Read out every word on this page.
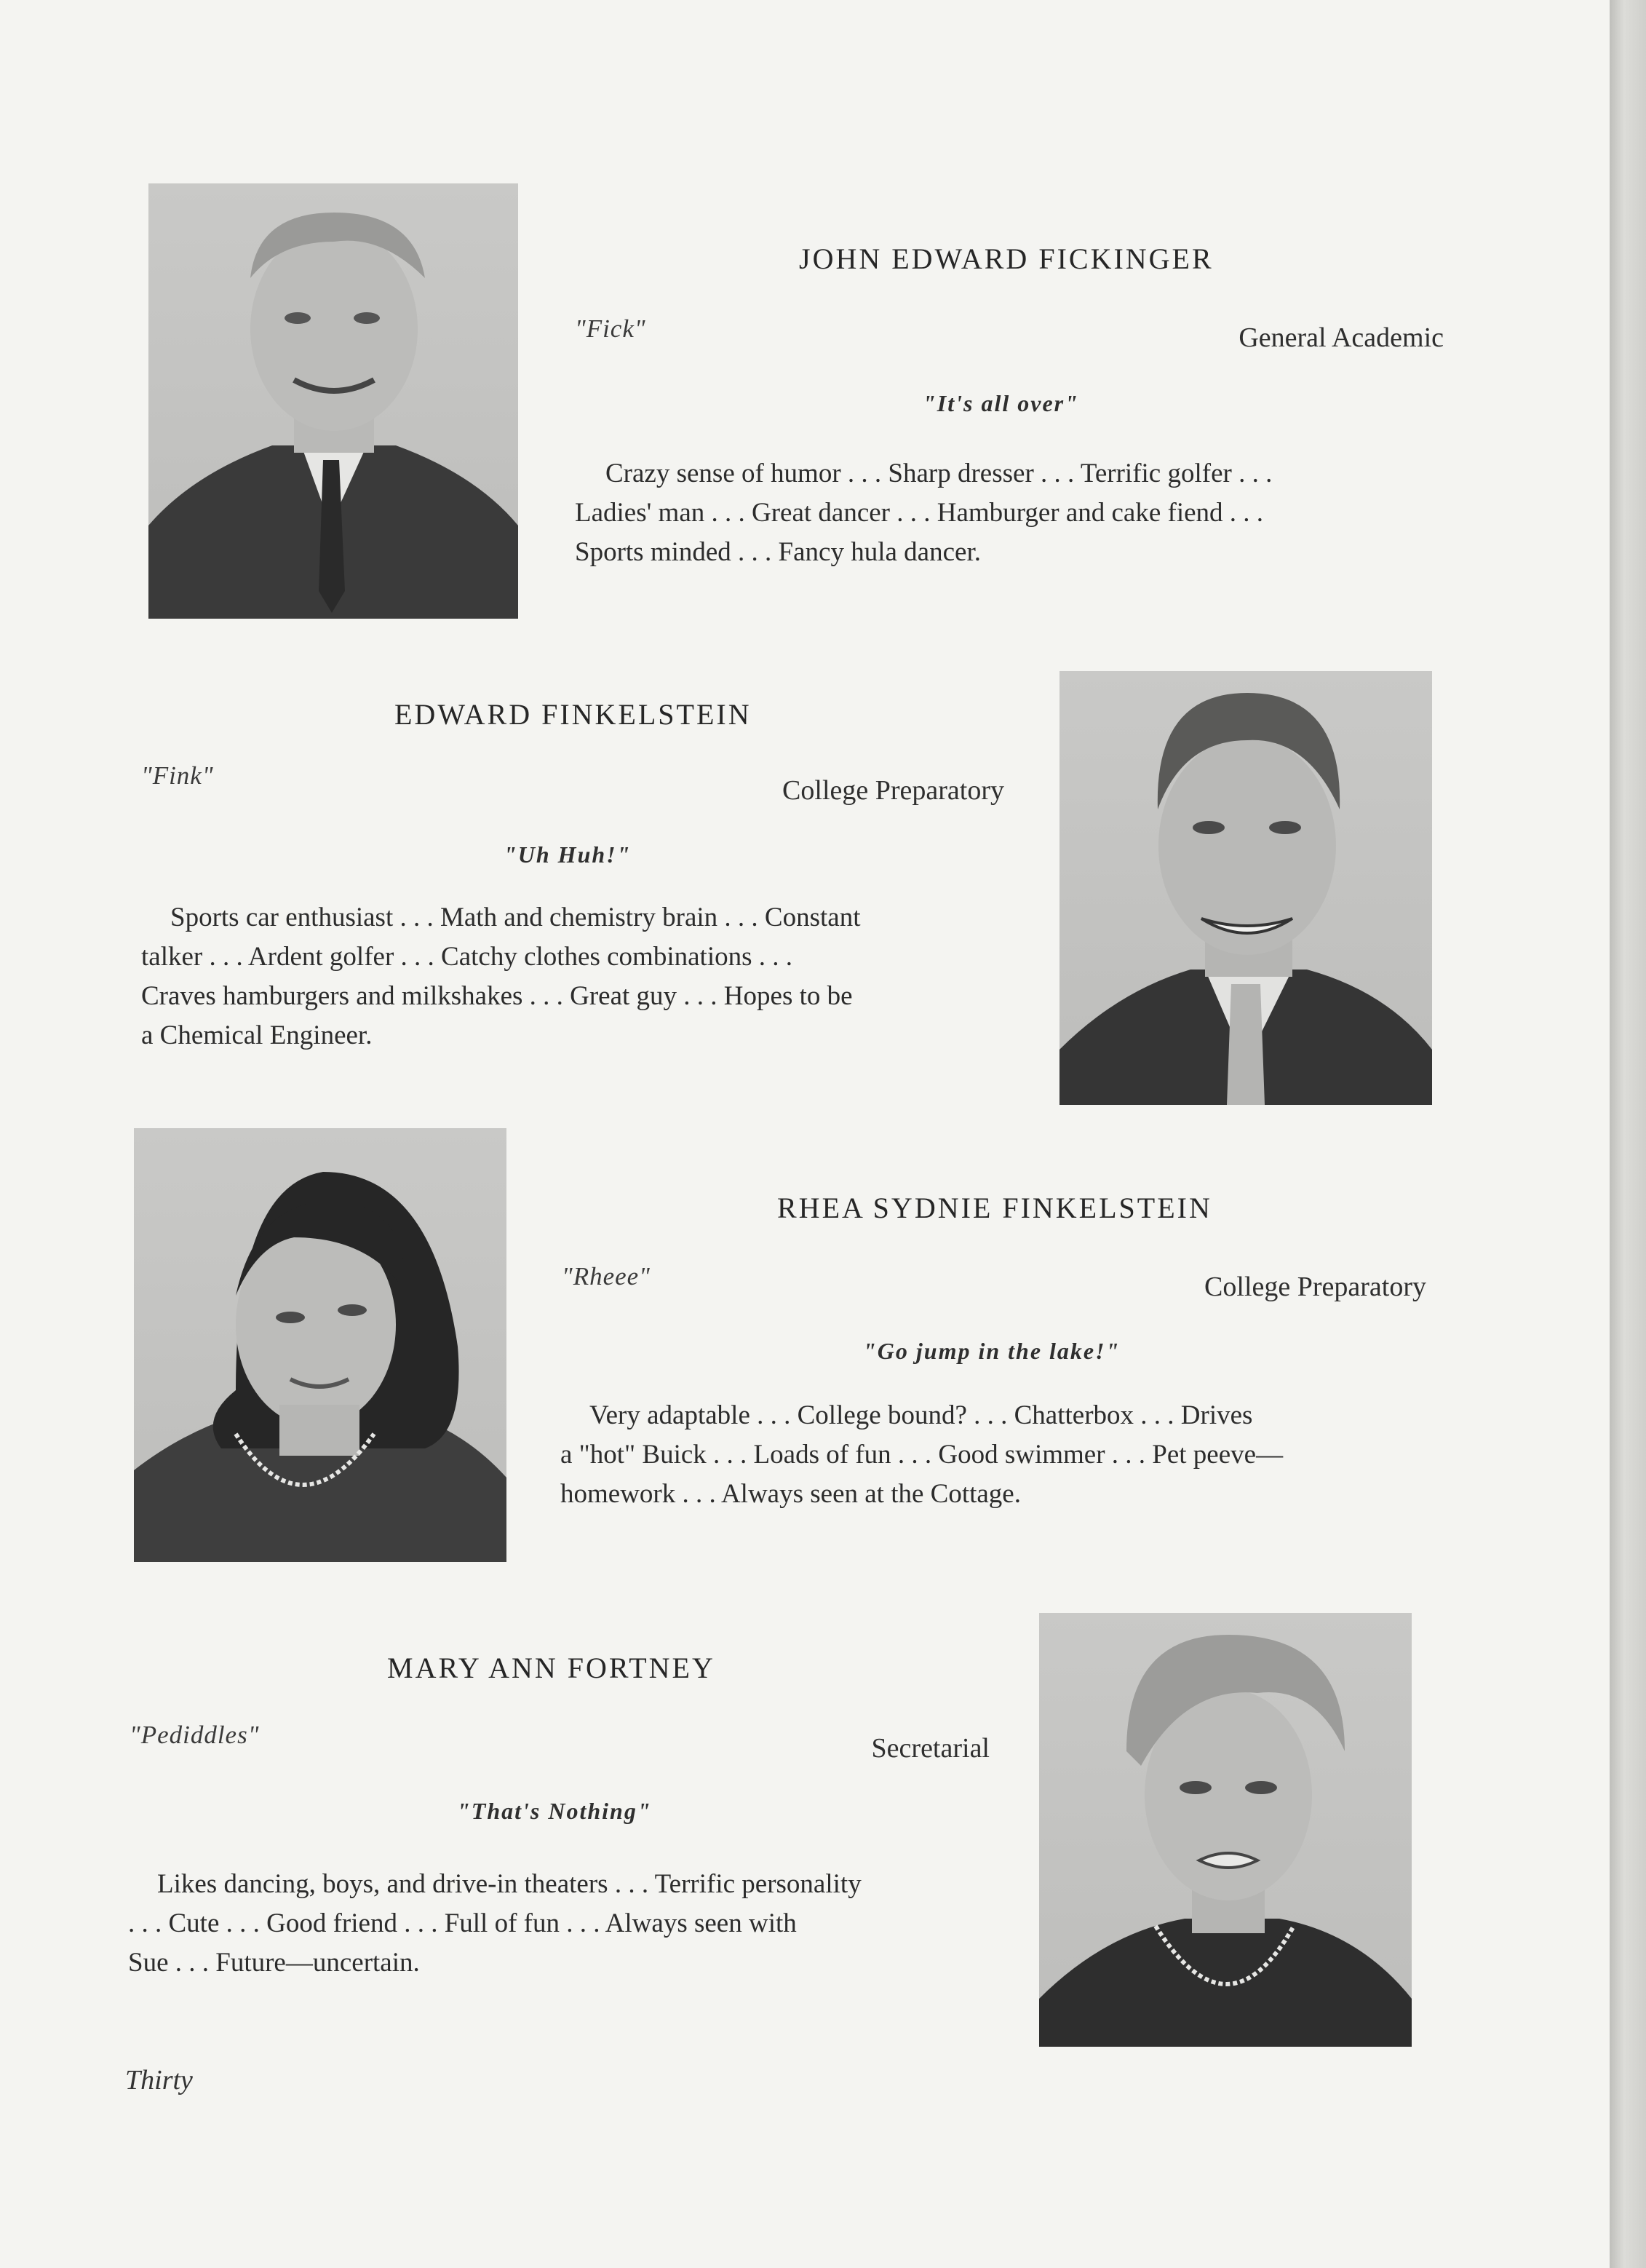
JOHN EDWARD FICKINGER
"Fick"	General Academic
"It's all over"
Crazy sense of humor . . . Sharp dresser . . . Terrific golfer . . .
Ladies' man . . . Great dancer . . . Hamburger and cake fiend . . .
Sports minded . . . Fancy hula dancer.
EDWARD FINKELSTEIN
"Fink"	College Preparatory
"Uh Huh!"
Sports car enthusiast . . . Math and chemistry brain . . . Constant
talker . . . Ardent golfer . . . Catchy clothes combinations . . .
Craves hamburgers and milkshakes . . . Great guy . . . Hopes to be
a Chemical Engineer.
RHEA SYDNIE FINKELSTEIN
"Rheee"	College Preparatory
"Go jump in the lake!"
Very adaptable . . . College bound? . . . Chatterbox . . . Drives
a "hot" Buick . . . Loads of fun . . . Good swimmer . . . Pet peeve—
homework . . . Always seen at the Cottage.
MARY ANN FORTNEY
"Pediddles"	Secretarial
"That's Nothing"
Likes dancing, boys, and drive-in theaters . . . Terrific personality
. . . Cute . . . Good friend . . . Full of fun . . . Always seen with
Sue . . . Future—uncertain.
Thirty
